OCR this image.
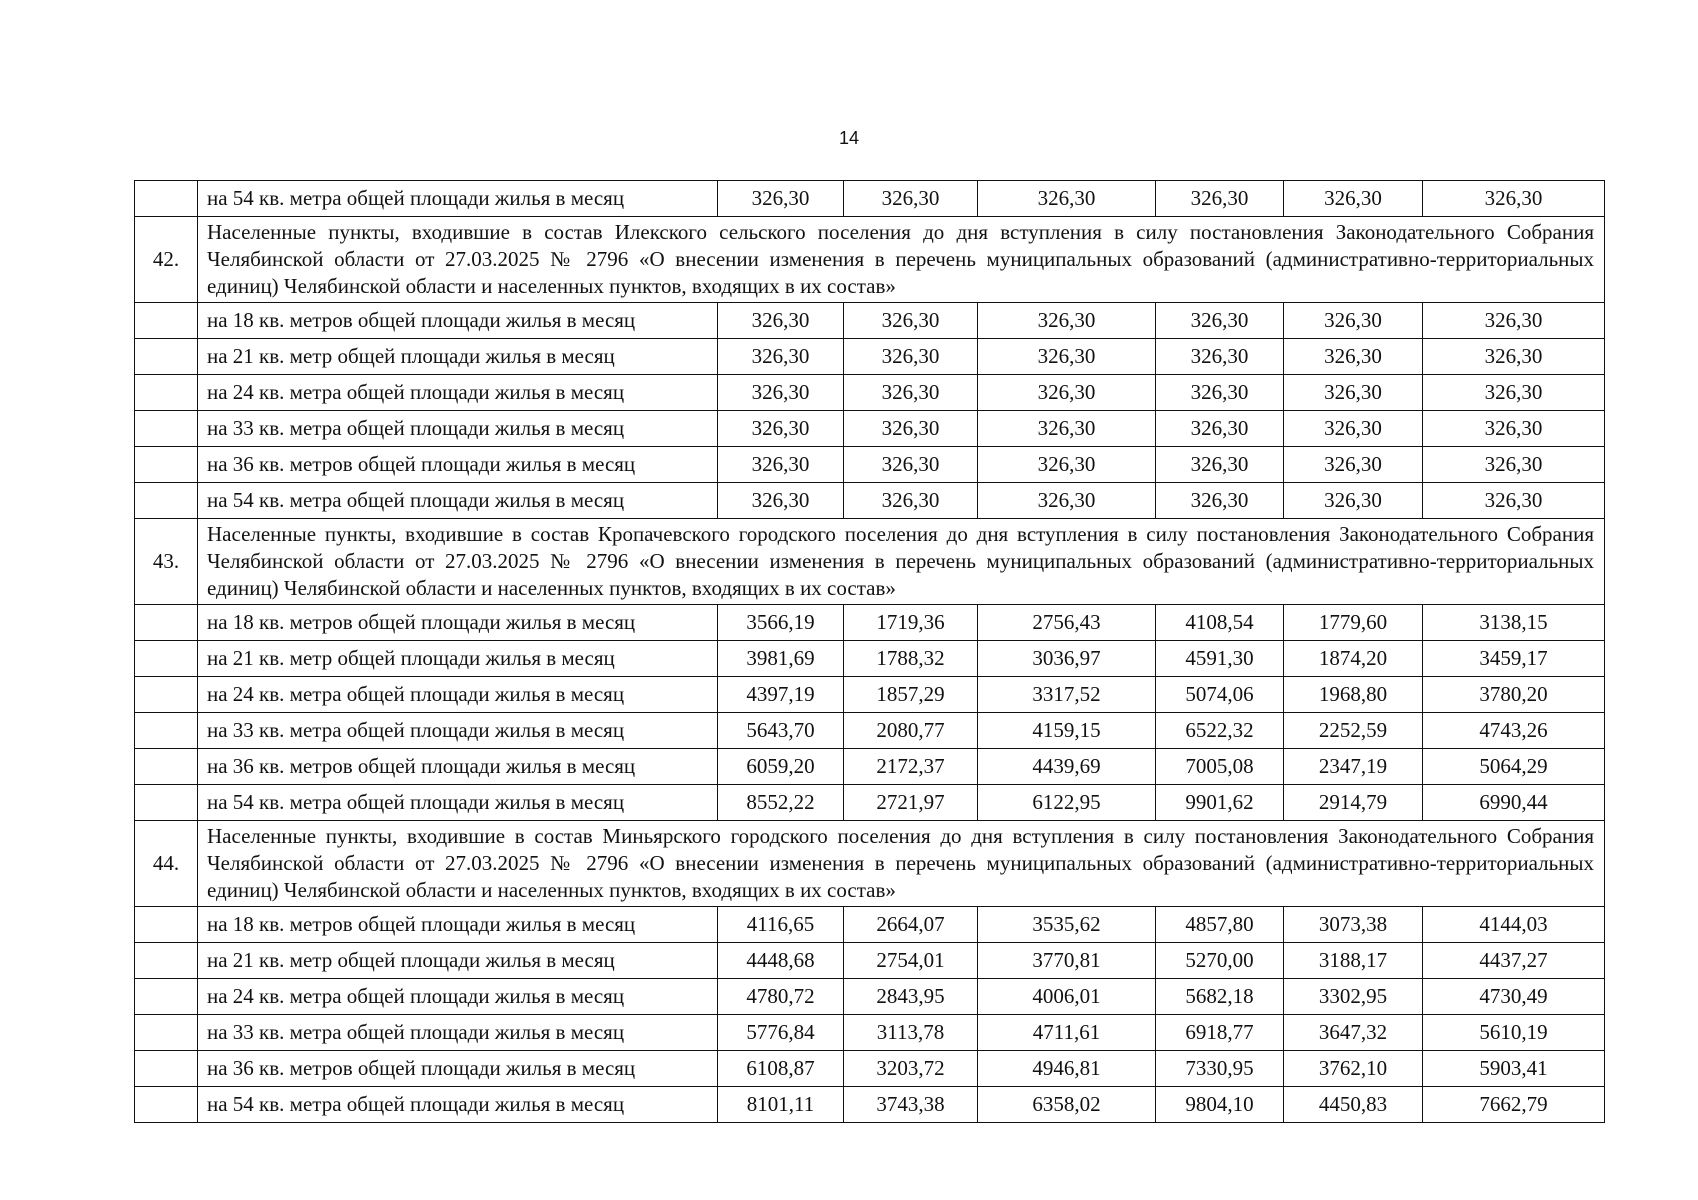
14
	на 54 кв. метра общей площади жилья в месяц	326,30	326,30	326,30	326,30	326,30	326,30
42.	Населенные пункты, входившие в состав Илекского сельского поселения до дня вступления в силу постановления Законодательного Собрания Челябинской области от 27.03.2025 № 2796 «О внесении изменения в перечень муниципальных образований (административно-территориальных единиц) Челябинской области и населенных пунктов, входящих в их состав»						
	на 18 кв. метров общей площади жилья в месяц	326,30	326,30	326,30	326,30	326,30	326,30
	на 21 кв. метр общей площади жилья в месяц	326,30	326,30	326,30	326,30	326,30	326,30
	на 24 кв. метра общей площади жилья в месяц	326,30	326,30	326,30	326,30	326,30	326,30
	на 33 кв. метра общей площади жилья в месяц	326,30	326,30	326,30	326,30	326,30	326,30
	на 36 кв. метров общей площади жилья в месяц	326,30	326,30	326,30	326,30	326,30	326,30
	на 54 кв. метра общей площади жилья в месяц	326,30	326,30	326,30	326,30	326,30	326,30
43.	Населенные пункты, входившие в состав Кропачевского городского поселения до дня вступления в силу постановления Законодательного Собрания Челябинской области от 27.03.2025 № 2796 «О внесении изменения в перечень муниципальных образований (административно-территориальных единиц) Челябинской области и населенных пунктов, входящих в их состав»						
	на 18 кв. метров общей площади жилья в месяц	3566,19	1719,36	2756,43	4108,54	1779,60	3138,15
	на 21 кв. метр общей площади жилья в месяц	3981,69	1788,32	3036,97	4591,30	1874,20	3459,17
	на 24 кв. метра общей площади жилья в месяц	4397,19	1857,29	3317,52	5074,06	1968,80	3780,20
	на 33 кв. метра общей площади жилья в месяц	5643,70	2080,77	4159,15	6522,32	2252,59	4743,26
	на 36 кв. метров общей площади жилья в месяц	6059,20	2172,37	4439,69	7005,08	2347,19	5064,29
	на 54 кв. метра общей площади жилья в месяц	8552,22	2721,97	6122,95	9901,62	2914,79	6990,44
44.	Населенные пункты, входившие в состав Миньярского городского поселения до дня вступления в силу постановления Законодательного Собрания Челябинской области от 27.03.2025 № 2796 «О внесении изменения в перечень муниципальных образований (административно-территориальных единиц) Челябинской области и населенных пунктов, входящих в их состав»						
	на 18 кв. метров общей площади жилья в месяц	4116,65	2664,07	3535,62	4857,80	3073,38	4144,03
	на 21 кв. метр общей площади жилья в месяц	4448,68	2754,01	3770,81	5270,00	3188,17	4437,27
	на 24 кв. метра общей площади жилья в месяц	4780,72	2843,95	4006,01	5682,18	3302,95	4730,49
	на 33 кв. метра общей площади жилья в месяц	5776,84	3113,78	4711,61	6918,77	3647,32	5610,19
	на 36 кв. метров общей площади жилья в месяц	6108,87	3203,72	4946,81	7330,95	3762,10	5903,41
	на 54 кв. метра общей площади жилья в месяц	8101,11	3743,38	6358,02	9804,10	4450,83	7662,79
